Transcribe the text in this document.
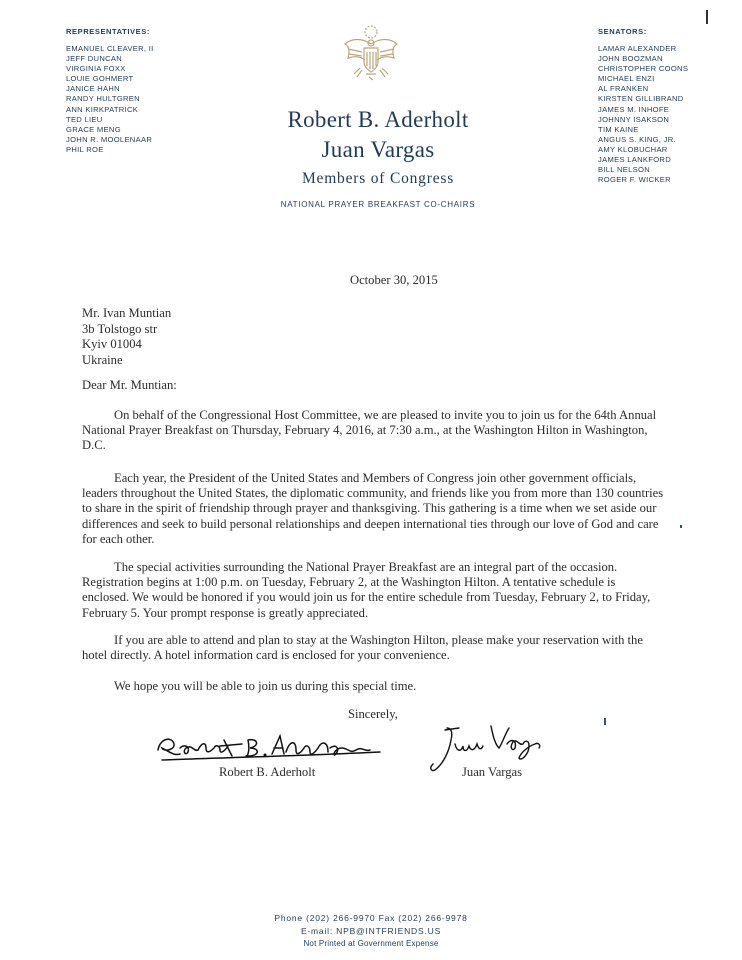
REPRESENTATIVES:
EMANUEL CLEAVER, II
JEFF DUNCAN
VIRGINIA FOXX
LOUIE GOHMERT
JANICE HAHN
RANDY HULTGREN
ANN KIRKPATRICK
TED LIEU
GRACE MENG
JOHN R. MOOLENAAR
PHIL ROE
SENATORS:
LAMAR ALEXANDER
JOHN BOOZMAN
CHRISTOPHER COONS
MICHAEL ENZI
AL FRANKEN
KIRSTEN GILLIBRAND
JAMES M. INHOFE
JOHNNY ISAKSON
TIM KAINE
ANGUS S. KING, JR.
AMY KLOBUCHAR
JAMES LANKFORD
BILL NELSON
ROGER F. WICKER
Robert B. Aderholt
Juan Vargas
Members of Congress
NATIONAL PRAYER BREAKFAST CO-CHAIRS
October 30, 2015
Mr. Ivan Muntian
3b Tolstogo str
Kyiv 01004
Ukraine
Dear Mr. Muntian:
On behalf of the Congressional Host Committee, we are pleased to invite you to join us for the 64th Annual National Prayer Breakfast on Thursday, February 4, 2016, at 7:30 a.m., at the Washington Hilton in Washington, D.C.
Each year, the President of the United States and Members of Congress join other government officials, leaders throughout the United States, the diplomatic community, and friends like you from more than 130 countries to share in the spirit of friendship through prayer and thanksgiving. This gathering is a time when we set aside our differences and seek to build personal relationships and deepen international ties through our love of God and care for each other.
The special activities surrounding the National Prayer Breakfast are an integral part of the occasion. Registration begins at 1:00 p.m. on Tuesday, February 2, at the Washington Hilton. A tentative schedule is enclosed. We would be honored if you would join us for the entire schedule from Tuesday, February 2, to Friday, February 5. Your prompt response is greatly appreciated.
If you are able to attend and plan to stay at the Washington Hilton, please make your reservation with the hotel directly. A hotel information card is enclosed for your convenience.
We hope you will be able to join us during this special time.
Sincerely,
Robert B. Aderholt	Juan Vargas
Phone (202) 266-9970 Fax (202) 266-9978
E-mail: NPB@INTFRIENDS.US
Not Printed at Government Expense
